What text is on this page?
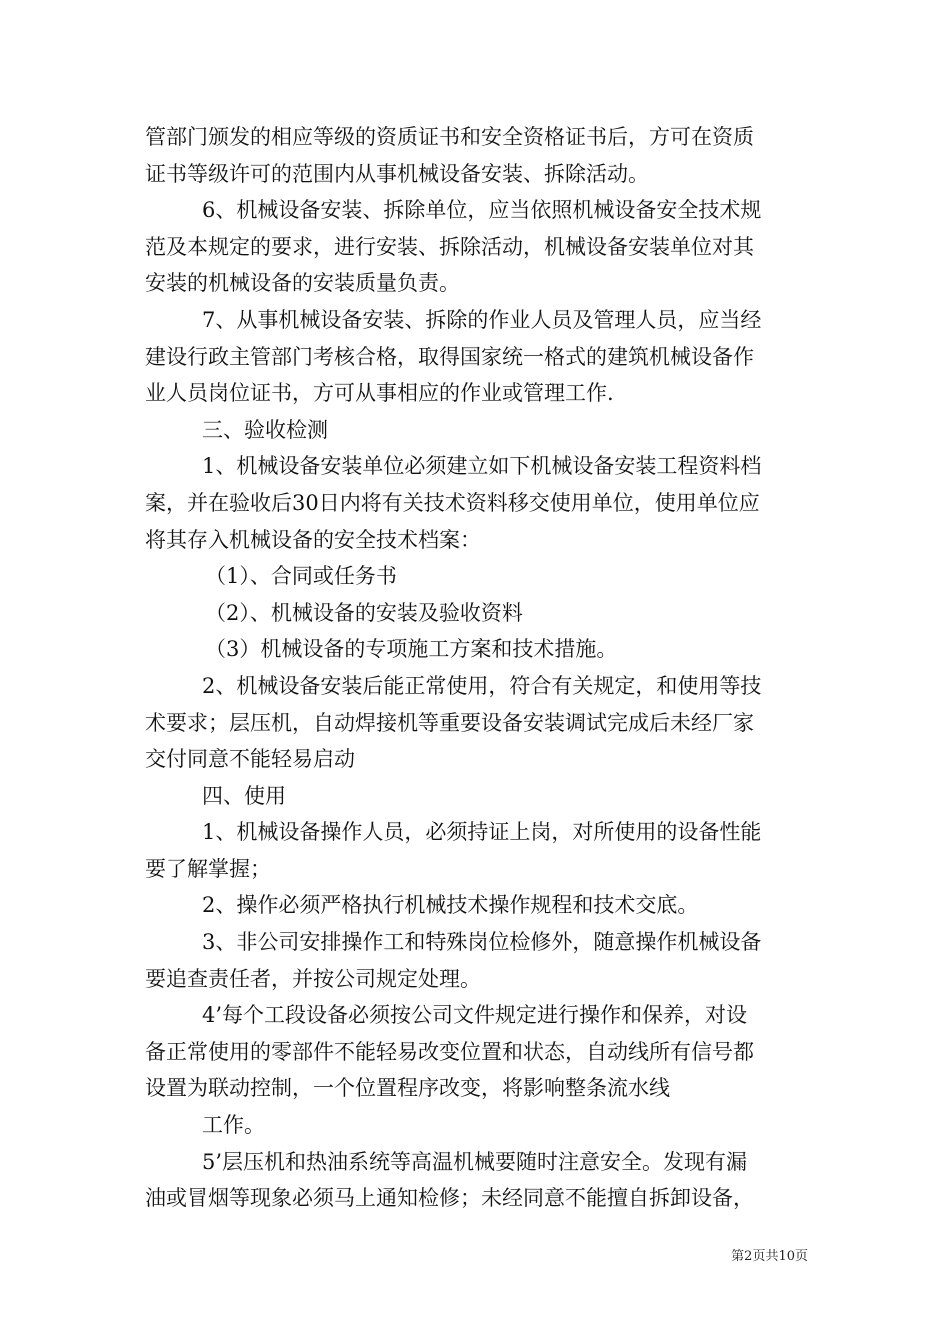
管部门颁发的相应等级的资质证书和安全资格证书后，方可在资质
证书等级许可的范围内从事机械设备安装、拆除活动。
6、机械设备安装、拆除单位，应当依照机械设备安全技术规
范及本规定的要求，进行安装、拆除活动，机械设备安装单位对其
安装的机械设备的安装质量负责。
7、从事机械设备安装、拆除的作业人员及管理人员，应当经
建设行政主管部门考核合格，取得国家统一格式的建筑机械设备作
业人员岗位证书，方可从事相应的作业或管理工作.
三、验收检测
1、机械设备安装单位必须建立如下机械设备安装工程资料档
案，并在验收后30日内将有关技术资料移交使用单位，使用单位应
将其存入机械设备的安全技术档案：
（1）、合同或任务书
（2）、机械设备的安装及验收资料
（3）机械设备的专项施工方案和技术措施。
2、机械设备安装后能正常使用，符合有关规定，和使用等技
术要求；层压机，自动焊接机等重要设备安装调试完成后未经厂家
交付同意不能轻易启动
四、使用
1、机械设备操作人员，必须持证上岗，对所使用的设备性能
要了解掌握；
2、操作必须严格执行机械技术操作规程和技术交底。
3、非公司安排操作工和特殊岗位检修外，随意操作机械设备
要追查责任者，并按公司规定处理。
4’每个工段设备必须按公司文件规定进行操作和保养，对设
备正常使用的零部件不能轻易改变位置和状态，自动线所有信号都
设置为联动控制，一个位置程序改变，将影响整条流水线
工作。
5’层压机和热油系统等高温机械要随时注意安全。发现有漏
油或冒烟等现象必须马上通知检修；未经同意不能擅自拆卸设备，
第2页共10页
